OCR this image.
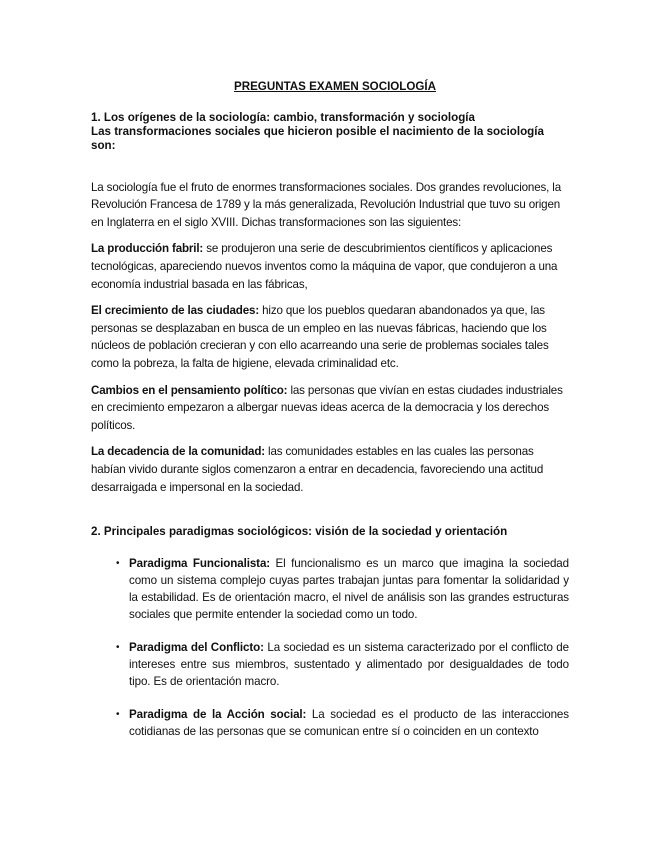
PREGUNTAS EXAMEN SOCIOLOGÍA
1. Los orígenes de la sociología: cambio, transformación y sociología
Las transformaciones sociales que hicieron posible el nacimiento de la sociología son:

La sociología fue el fruto de enormes transformaciones sociales. Dos grandes revoluciones, la Revolución Francesa de 1789 y la más generalizada, Revolución Industrial que tuvo su origen en Inglaterra en el siglo XVIII. Dichas transformaciones son las siguientes:

La producción fabril: se produjeron una serie de descubrimientos científicos y aplicaciones tecnológicas, apareciendo nuevos inventos como la máquina de vapor, que condujeron a una economía industrial basada en las fábricas,

El crecimiento de las ciudades: hizo que los pueblos quedaran abandonados ya que, las personas se desplazaban en busca de un empleo en las nuevas fábricas, haciendo que los núcleos de población crecieran y con ello acarreando una serie de problemas sociales tales como la pobreza, la falta de higiene, elevada criminalidad etc.

Cambios en el pensamiento político: las personas que vivían en estas ciudades industriales en crecimiento empezaron a albergar nuevas ideas acerca de la democracia y los derechos políticos.

La decadencia de la comunidad: las comunidades estables en las cuales las personas habían vivido durante siglos comenzaron a entrar en decadencia, favoreciendo una actitud desarraigada e impersonal en la sociedad.

2. Principales paradigmas sociológicos: visión de la sociedad y orientación
• Paradigma Funcionalista: El funcionalismo es un marco que imagina la sociedad como un sistema complejo cuyas partes trabajan juntas para fomentar la solidaridad y la estabilidad. Es de orientación macro, el nivel de análisis son las grandes estructuras sociales que permite entender la sociedad como un todo.
• Paradigma del Conflicto: La sociedad es un sistema caracterizado por el conflicto de intereses entre sus miembros, sustentado y alimentado por desigualdades de todo tipo. Es de orientación macro.
• Paradigma de la Acción social: La sociedad es el producto de las interacciones cotidianas de las personas que se comunican entre sí o coinciden en un contexto
